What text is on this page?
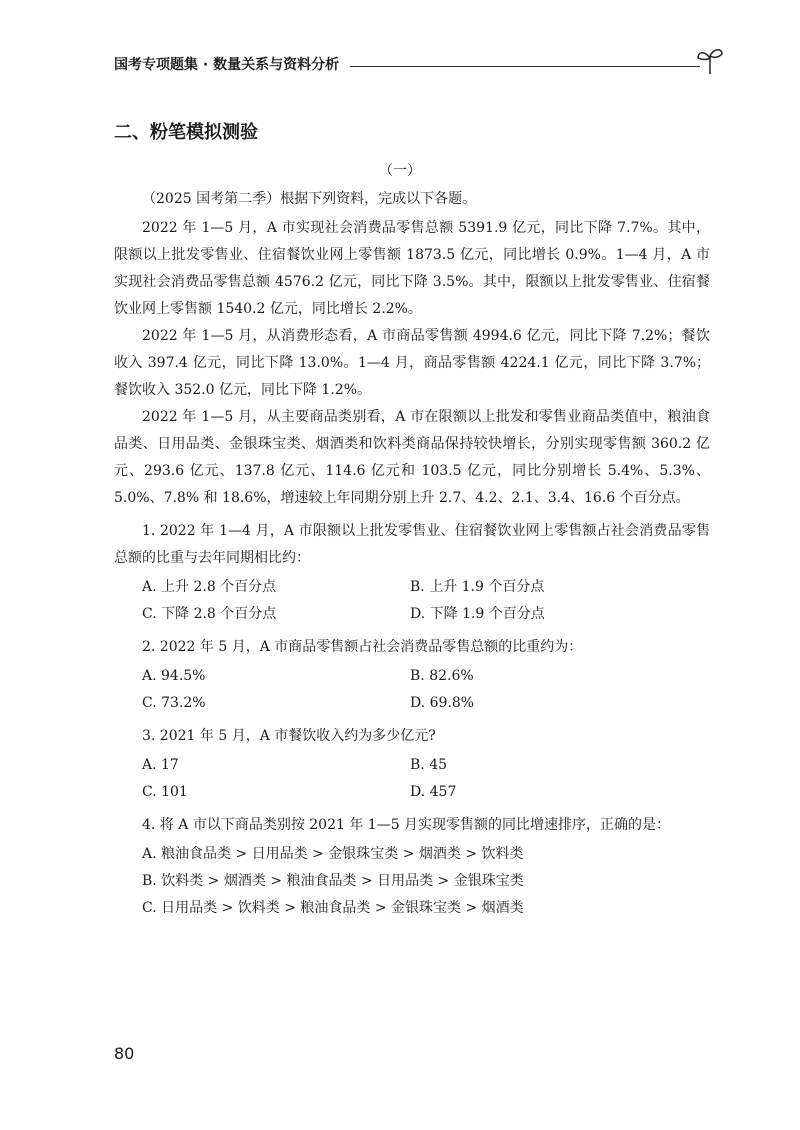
国考专项题集 · 数量关系与资料分析
二、粉笔模拟测验
（一）

（2025 国考第二季）根据下列资料，完成以下各题。

2022 年 1—5 月，A 市实现社会消费品零售总额 5391.9 亿元，同比下降 7.7%。其中，限额以上批发零售业、住宿餐饮业网上零售额 1873.5 亿元，同比增长 0.9%。1—4 月，A 市实现社会消费品零售总额 4576.2 亿元，同比下降 3.5%。其中，限额以上批发零售业、住宿餐饮业网上零售额 1540.2 亿元，同比增长 2.2%。

2022 年 1—5 月，从消费形态看，A 市商品零售额 4994.6 亿元，同比下降 7.2%；餐饮收入 397.4 亿元，同比下降 13.0%。1—4 月，商品零售额 4224.1 亿元，同比下降 3.7%；餐饮收入 352.0 亿元，同比下降 1.2%。

2022 年 1—5 月，从主要商品类别看，A 市在限额以上批发和零售业商品类值中，粮油食品类、日用品类、金银珠宝类、烟酒类和饮料类商品保持较快增长，分别实现零售额 360.2 亿元、293.6 亿元、137.8 亿元、114.6 亿元和 103.5 亿元，同比分别增长 5.4%、5.3%、5.0%、7.8% 和 18.6%，增速较上年同期分别上升 2.7、4.2、2.1、3.4、16.6 个百分点。

1. 2022 年 1—4 月，A 市限额以上批发零售业、住宿餐饮业网上零售额占社会消费品零售总额的比重与去年同期相比约：

A. 上升 2.8 个百分点	B. 上升 1.9 个百分点
C. 下降 2.8 个百分点	D. 下降 1.9 个百分点

2. 2022 年 5 月，A 市商品零售额占社会消费品零售总额的比重约为：

A. 94.5%	B. 82.6%
C. 73.2%	D. 69.8%

3. 2021 年 5 月，A 市餐饮收入约为多少亿元?

A. 17	B. 45
C. 101	D. 457

4. 将 A 市以下商品类别按 2021 年 1—5 月实现零售额的同比增速排序，正确的是：

A. 粮油食品类 > 日用品类 > 金银珠宝类 > 烟酒类 > 饮料类
B. 饮料类 > 烟酒类 > 粮油食品类 > 日用品类 > 金银珠宝类
C. 日用品类 > 饮料类 > 粮油食品类 > 金银珠宝类 > 烟酒类
80
